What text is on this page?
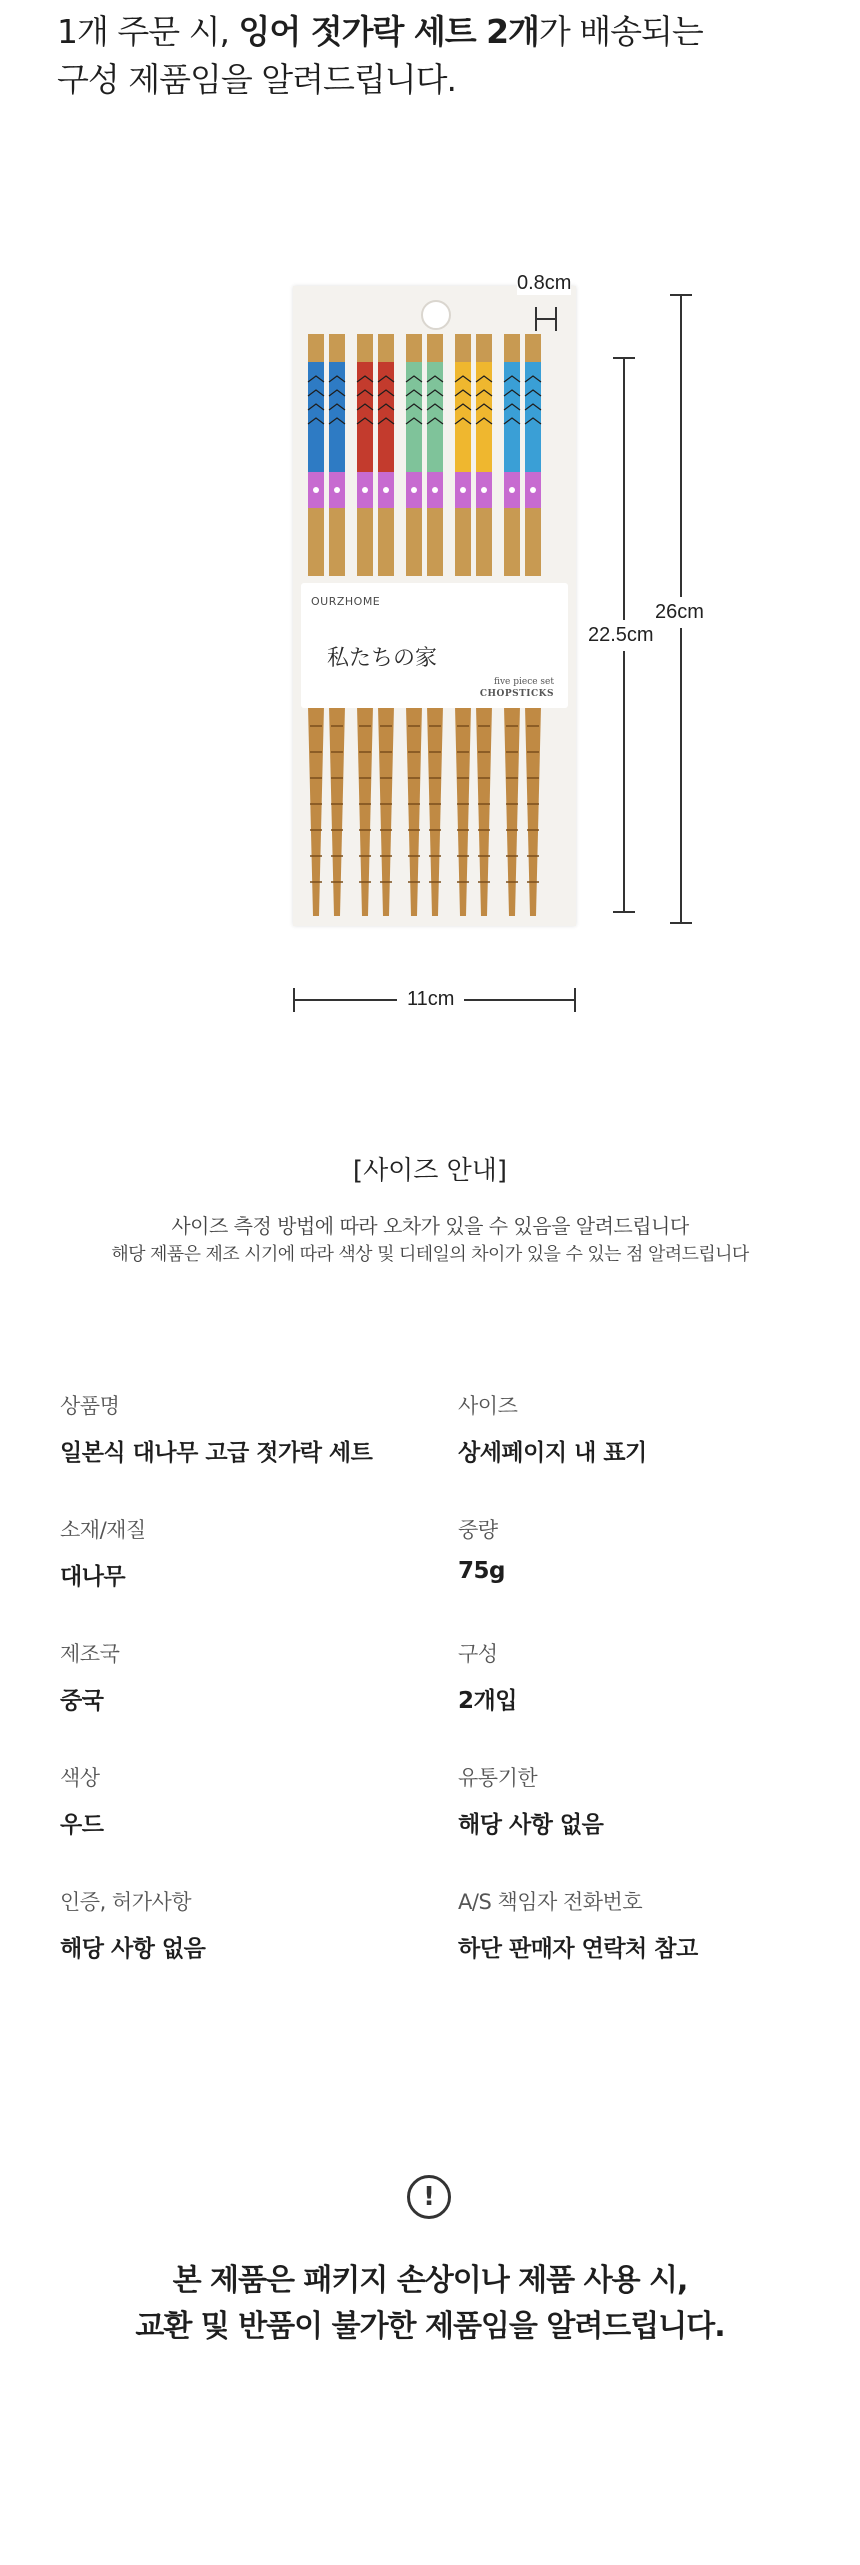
1개 주문 시, 잉어 젓가락 세트 2개가 배송되는
구성 제품임을 알려드립니다.
OURZHOME
私たちの家
five piece set
CHOPSTICKS
0.8cm
26cm
22.5cm
11cm
[사이즈 안내]
사이즈 측정 방법에 따라 오차가 있을 수 있음을 알려드립니다
해당 제품은 제조 시기에 따라 색상 및 디테일의 차이가 있을 수 있는 점 알려드립니다
상품명
일본식 대나무 고급 젓가락 세트
사이즈
상세페이지 내 표기
소재/재질
대나무
중량
75g
제조국
중국
구성
2개입
색상
우드
유통기한
해당 사항 없음
인증, 허가사항
해당 사항 없음
A/S 책임자 전화번호
하단 판매자 연락처 참고
!
본 제품은 패키지 손상이나 제품 사용 시,
교환 및 반품이 불가한 제품임을 알려드립니다.
